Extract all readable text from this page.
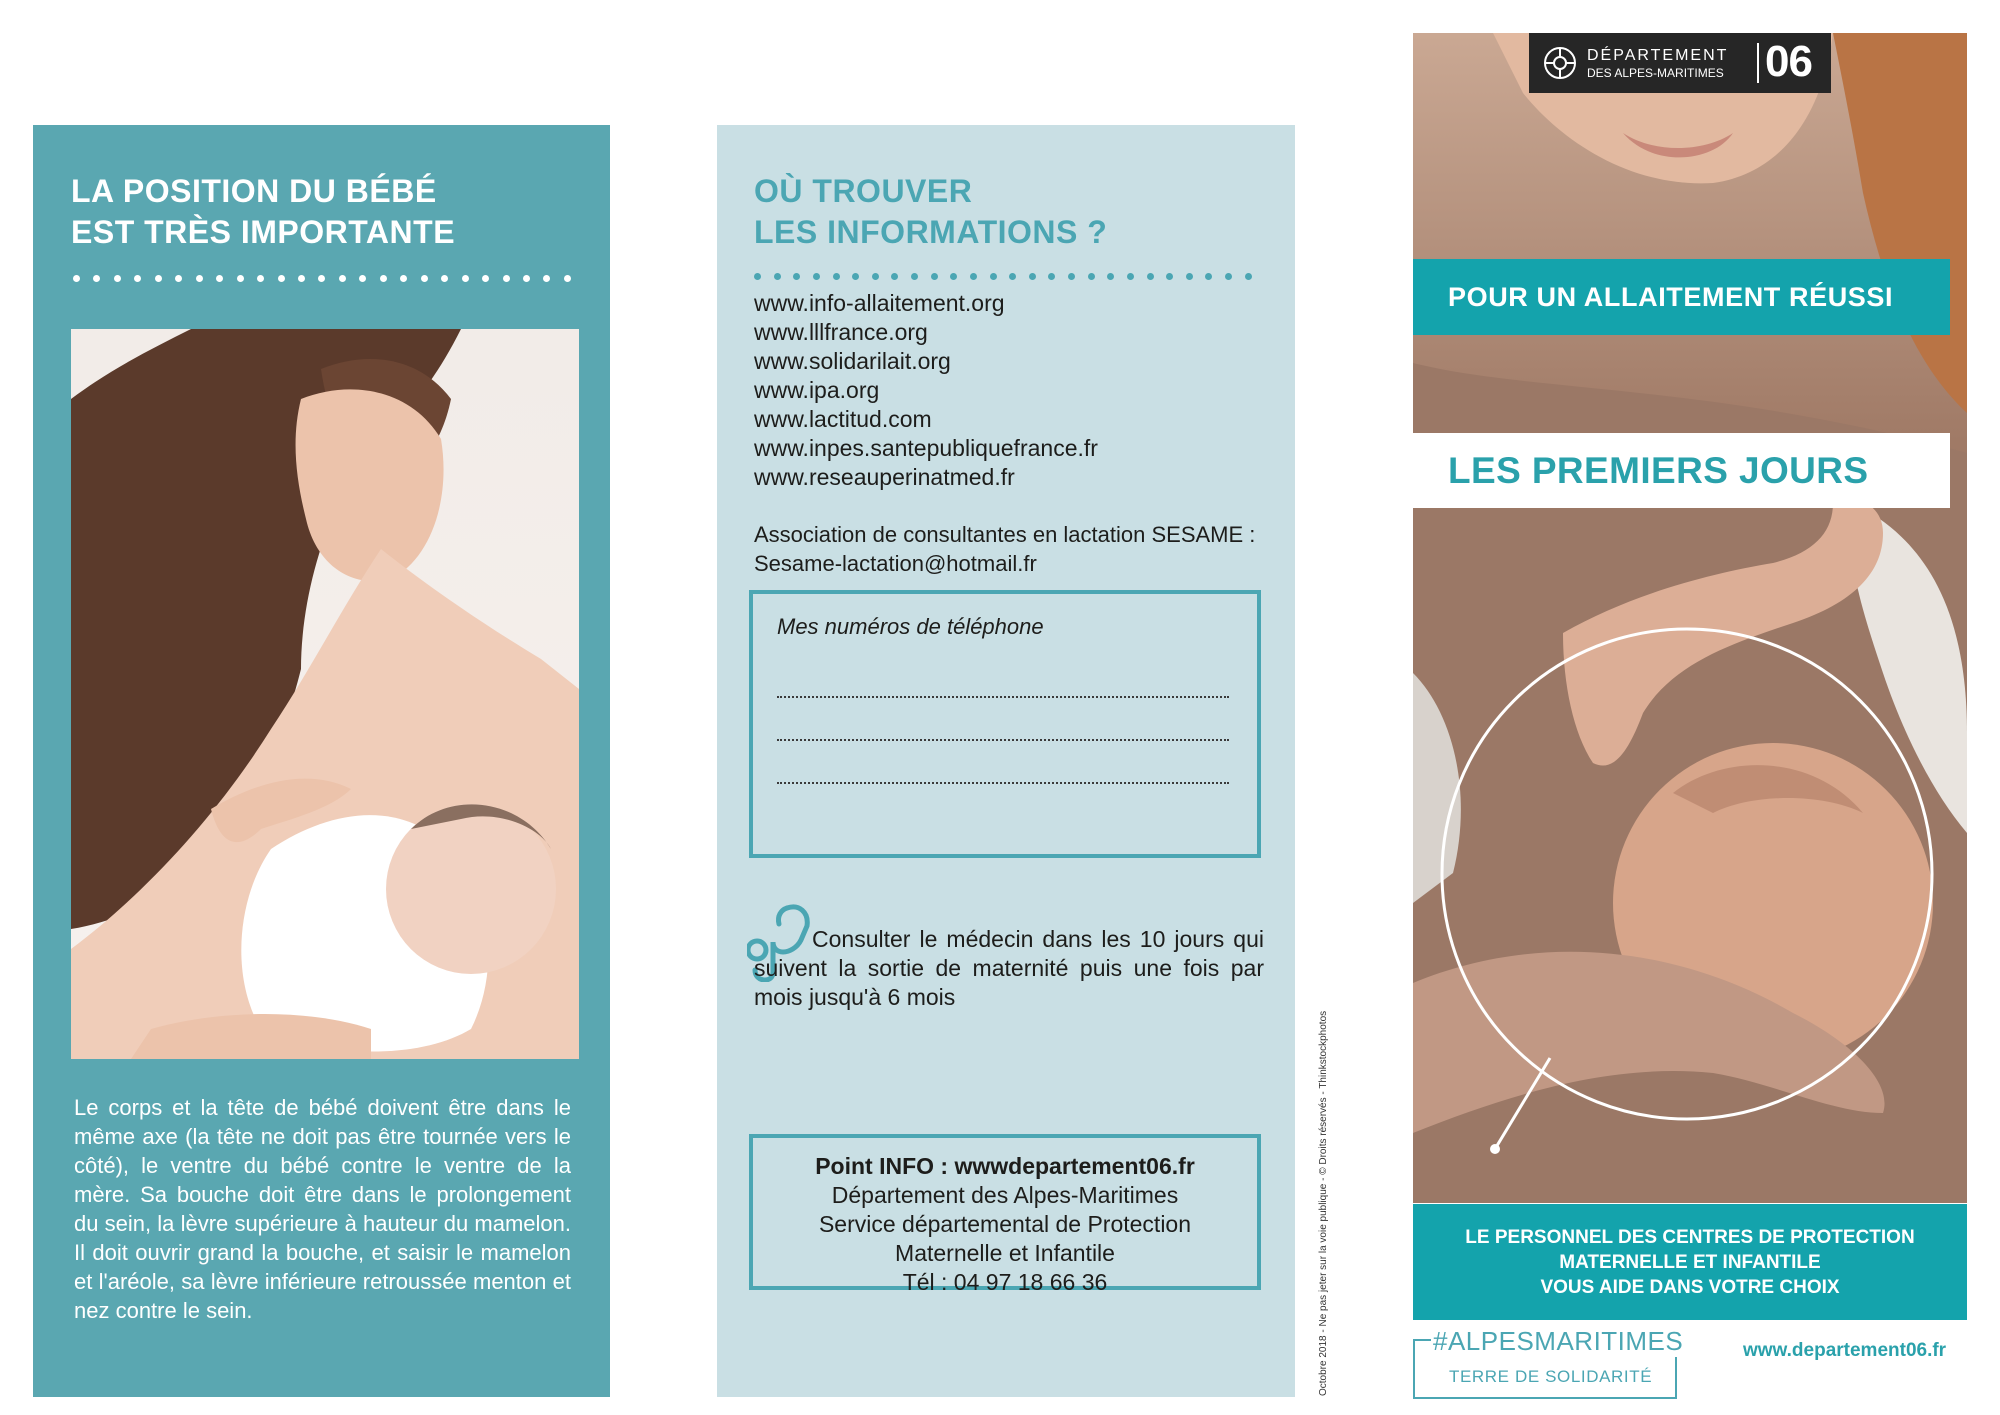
LA POSITION DU BÉBÉ
EST TRÈS IMPORTANTE

Le corps et la tête de bébé doivent être dans le même axe (la tête ne doit pas être tournée vers le côté), le ventre du bébé contre le ventre de la mère. Sa bouche doit être dans le prolongement du sein, la lèvre supérieure à hauteur du mamelon. Il doit ouvrir grand la bouche, et saisir le mamelon et l'aréole, sa lèvre inférieure retroussée menton et nez contre le sein.

OÙ TROUVER
LES INFORMATIONS ?
www.info-allaitement.org
www.lllfrance.org
www.solidarilait.org
www.ipa.org
www.lactitud.com
www.inpes.santepubliquefrance.fr
www.reseauperinatmed.fr

Association de consultantes en lactation SESAME :
Sesame-lactation@hotmail.fr

Mes numéros de téléphone

Consulter le médecin dans les 10 jours qui suivent la sortie de maternité puis une fois par mois jusqu'à 6 mois

Point INFO : wwwdepartement06.fr
Département des Alpes-Maritimes
Service départemental de Protection
Maternelle et Infantile
Tél : 04 97 18 66 36	Octobre 2018 - Ne pas jeter sur la voie publique - © Droits réservés - Thinkstockphotos
DÉPARTEMENT
DES ALPES-MARITIMES 06
POUR UN ALLAITEMENT RÉUSSI
LES PREMIERS JOURS
LE PERSONNEL DES CENTRES DE PROTECTION
MATERNELLE ET INFANTILE
VOUS AIDE DANS VOTRE CHOIX
#ALPESMARITIMES
TERRE DE SOLIDARITÉ
www.departement06.fr
